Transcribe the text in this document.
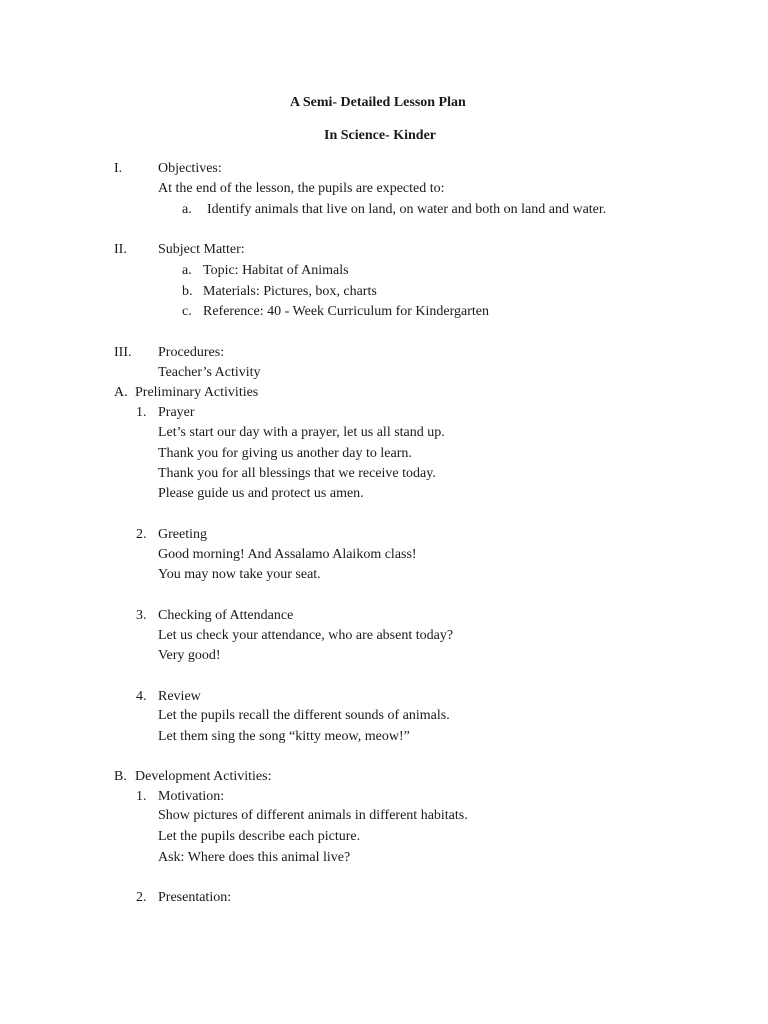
A Semi- Detailed Lesson Plan
In Science- Kinder
I.	Objectives:
At the end of the lesson, the pupils are expected to:
a. Identify animals that live on land, on water and both on land and water.
II. Subject Matter:
a. Topic: Habitat of Animals
b. Materials: Pictures, box, charts
c. Reference: 40 - Week Curriculum for Kindergarten
III. Procedures:
Teacher’s Activity
A. Preliminary Activities
1. Prayer
Let’s start our day with a prayer, let us all stand up.
Thank you for giving us another day to learn.
Thank you for all blessings that we receive today.
Please guide us and protect us amen.
2. Greeting
Good morning! And Assalamo Alaikom class!
You may now take your seat.
3. Checking of Attendance
Let us check your attendance, who are absent today?
Very good!
4. Review
Let the pupils recall the different sounds of animals.
Let them sing the song “kitty meow, meow!”
B. Development Activities:
1. Motivation:
Show pictures of different animals in different habitats.
Let the pupils describe each picture.
Ask: Where does this animal live?
2. Presentation:
